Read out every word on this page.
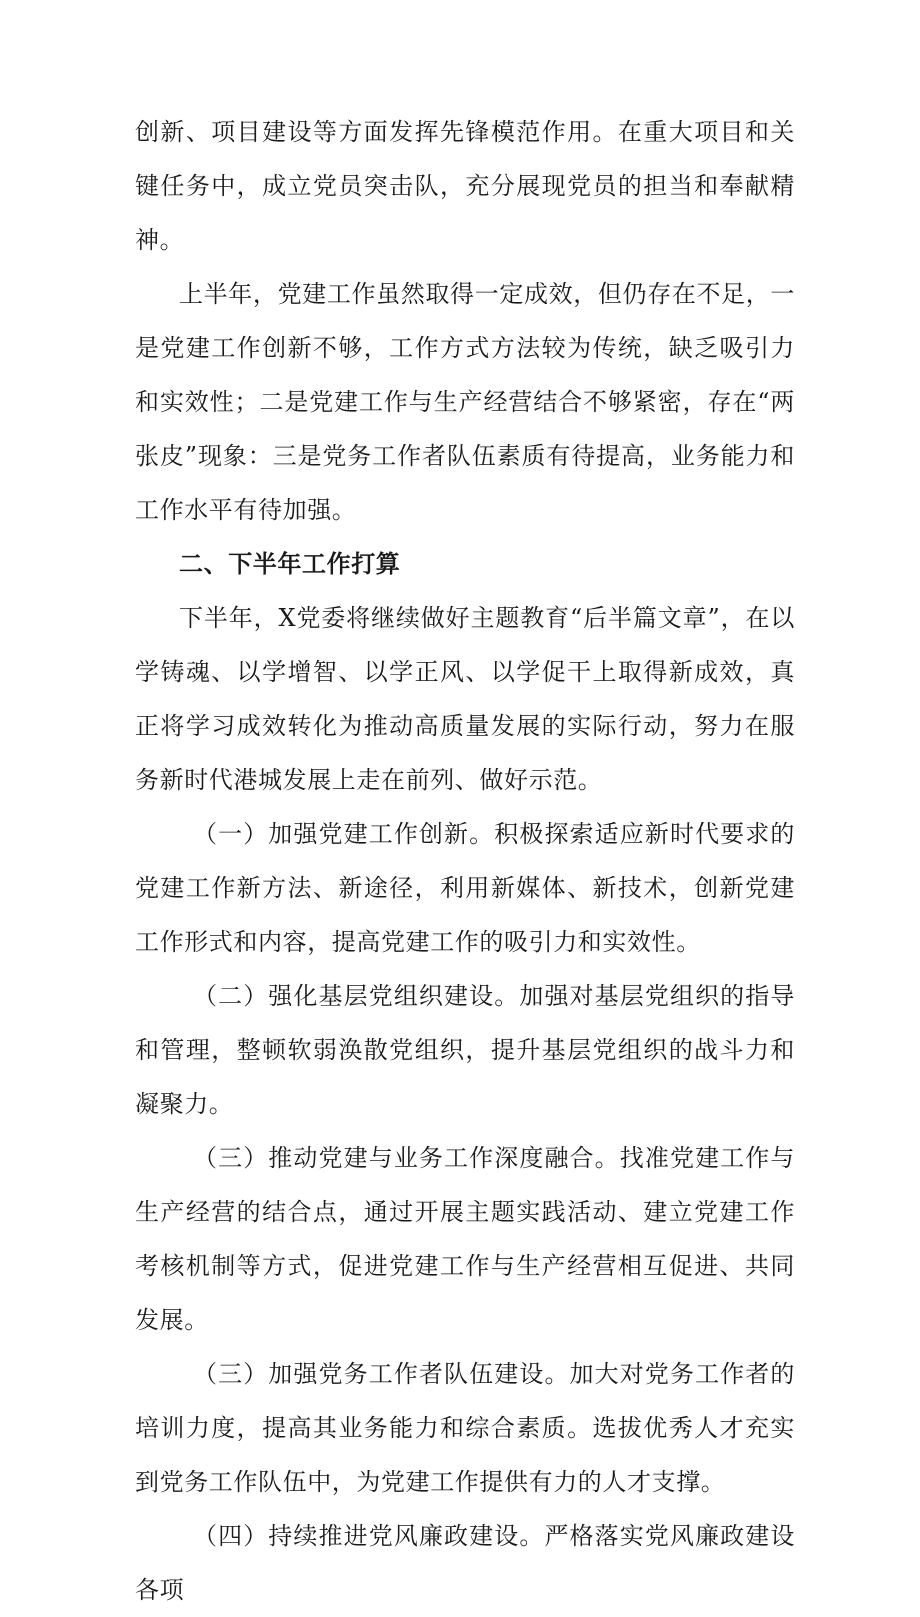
创新、项目建设等方面发挥先锋模范作用。在重大项目和关键任务中，成立党员突击队，充分展现党员的担当和奉献精神。

上半年，党建工作虽然取得一定成效，但仍存在不足，一是党建工作创新不够，工作方式方法较为传统，缺乏吸引力和实效性；二是党建工作与生产经营结合不够紧密，存在“两张皮”现象：三是党务工作者队伍素质有待提高，业务能力和工作水平有待加强。

二、下半年工作打算

下半年，X党委将继续做好主题教育“后半篇文章”，在以学铸魂、以学增智、以学正风、以学促干上取得新成效，真正将学习成效转化为推动高质量发展的实际行动，努力在服务新时代港城发展上走在前列、做好示范。

（一）加强党建工作创新。积极探索适应新时代要求的党建工作新方法、新途径，利用新媒体、新技术，创新党建工作形式和内容，提高党建工作的吸引力和实效性。

（二）强化基层党组织建设。加强对基层党组织的指导和管理，整顿软弱涣散党组织，提升基层党组织的战斗力和凝聚力。

（三）推动党建与业务工作深度融合。找准党建工作与生产经营的结合点，通过开展主题实践活动、建立党建工作考核机制等方式，促进党建工作与生产经营相互促进、共同发展。

（三）加强党务工作者队伍建设。加大对党务工作者的培训力度，提高其业务能力和综合素质。选拔优秀人才充实到党务工作队伍中，为党建工作提供有力的人才支撑。

（四）持续推进党风廉政建设。严格落实党风廉政建设各项
